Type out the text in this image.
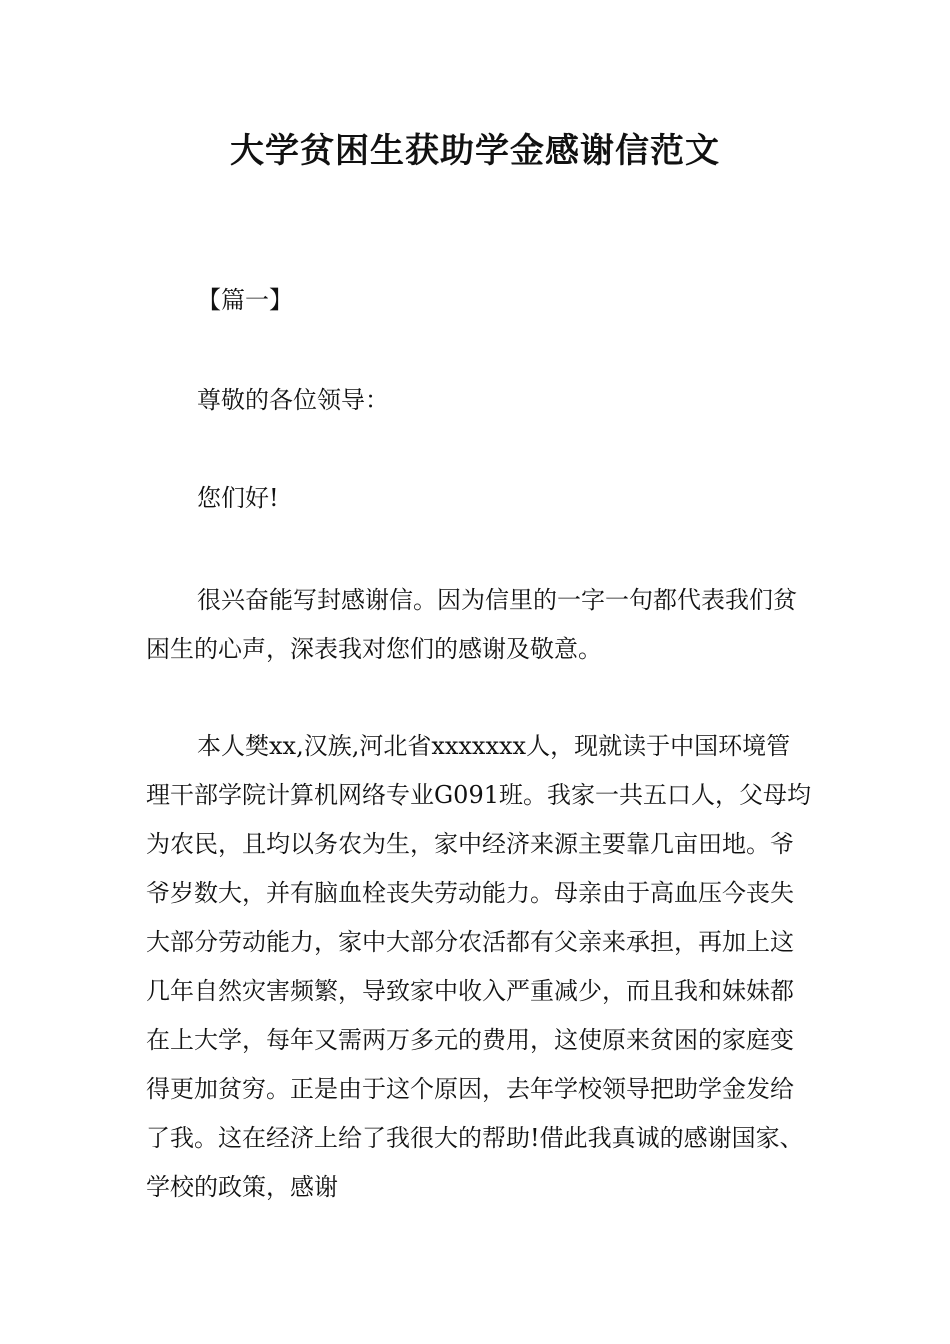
大学贫困生获助学金感谢信范文

【篇一】

尊敬的各位领导：

您们好!

很兴奋能写封感谢信。因为信里的一字一句都代表我们贫困生的心声，深表我对您们的感谢及敬意。

本人樊xx,汉族,河北省xxxxxxx人，现就读于中国环境管理干部学院计算机网络专业G091班。我家一共五口人，父母均为农民，且均以务农为生，家中经济来源主要靠几亩田地。爷爷岁数大，并有脑血栓丧失劳动能力。母亲由于高血压今丧失大部分劳动能力，家中大部分农活都有父亲来承担，再加上这几年自然灾害频繁，导致家中收入严重减少，而且我和妹妹都在上大学，每年又需两万多元的费用，这使原来贫困的家庭变得更加贫穷。正是由于这个原因，去年学校领导把助学金发给了我。这在经济上给了我很大的帮助!借此我真诚的感谢国家、学校的政策，感谢
